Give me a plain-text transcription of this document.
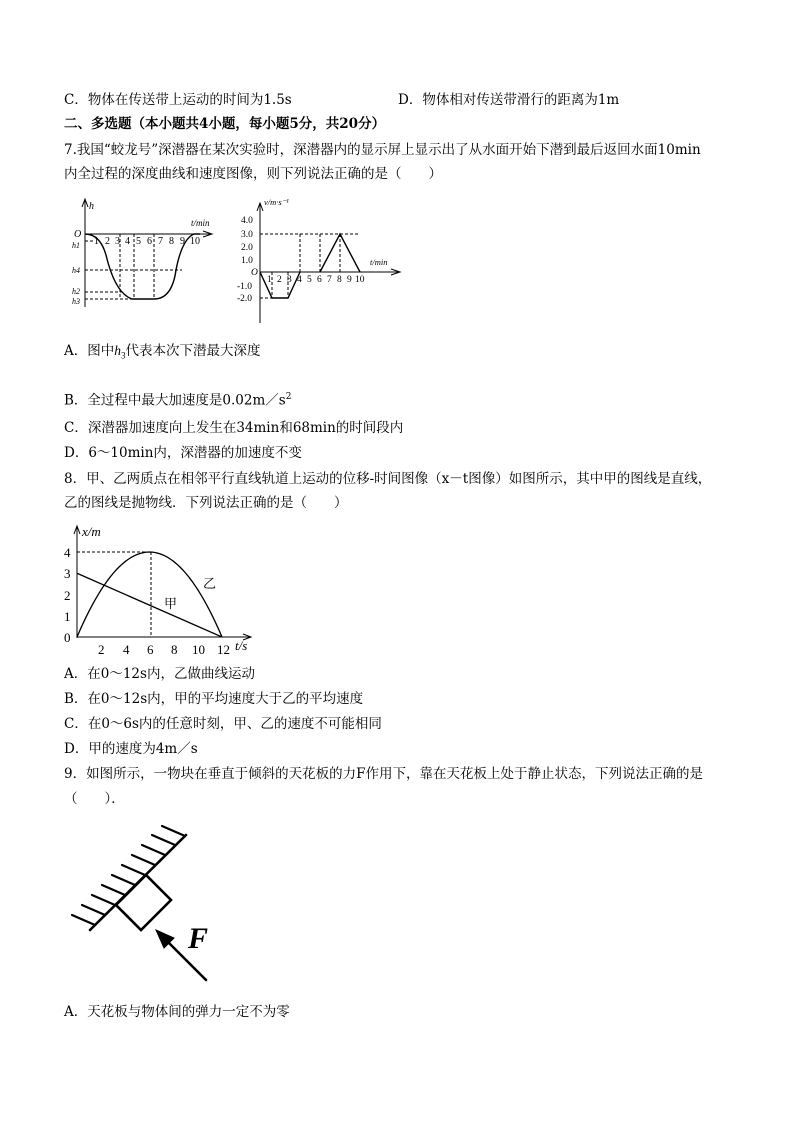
C．物体在传送带上运动的时间为1.5s	D．物体相对传送带滑行的距离为1m
二、多选题（本小题共4小题，每小题5分，共20分）
7.我国“蛟龙号”深潜器在某次实验时，深潜器内的显示屏上显示出了从水面开始下潜到最后返回水面10min
内全过程的深度曲线和速度图像，则下列说法正确的是（　　）
h
t/min
O
1 2 3 4 5 6 7 8 9 10
h1
h4
h2
h3
v/m·s⁻¹
t/min
O
4.0
3.0
2.0
1.0
-1.0
-2.0
1 2 3 4 5 6 7 8 9 10
A．图中$h_3$代表本次下潜最大深度
B．全过程中最大加速度是$0.02m/s^2$
C．深潜器加速度向上发生在34min和68min的时间段内
D．6～10min内，深潜器的加速度不变
8．甲、乙两质点在相邻平行直线轨道上运动的位移-时间图像（x－t图像）如图所示，其中甲的图线是直线，
乙的图线是抛物线．下列说法正确的是（　　）
x/m
t/s
0
1
2
3
4
2 4 6 8 10 12
甲
乙
A．在0～12s内，乙做曲线运动
B．在0～12s内，甲的平均速度大于乙的平均速度
C．在0～6s内的任意时刻，甲、乙的速度不可能相同
D．甲的速度为4m／s
9．如图所示，一物块在垂直于倾斜的天花板的力F作用下，靠在天花板上处于静止状态，下列说法正确的是
（　　）．
F
A．天花板与物体间的弹力一定不为零
